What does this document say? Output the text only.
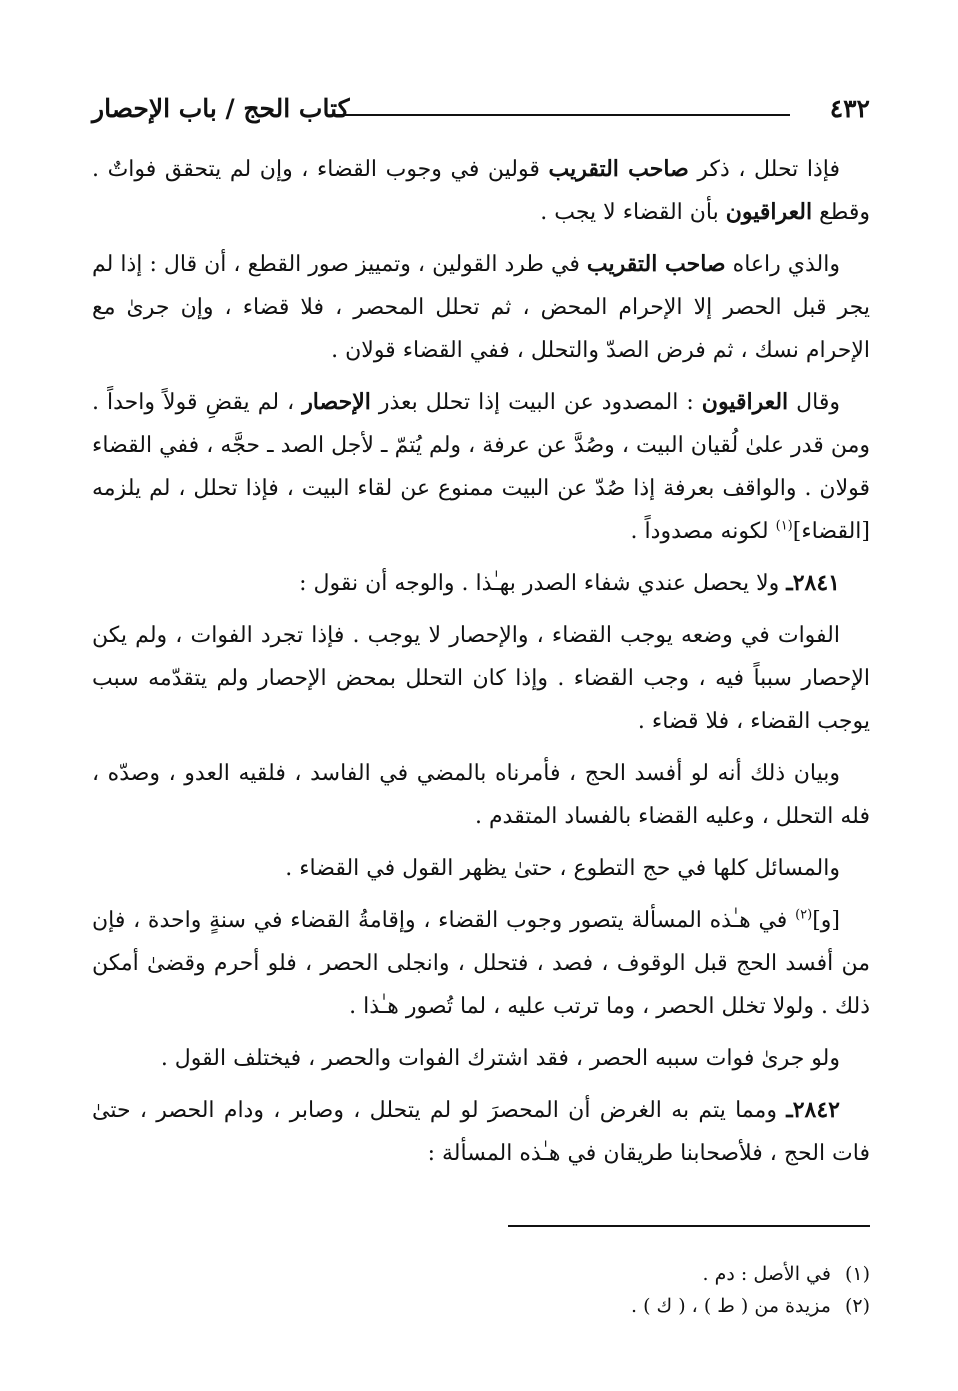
٤٣٢
كتاب الحج / باب الإحصار

فإذا تحلل ، ذكر صاحب التقريب قولين في وجوب القضاء ، وإن لم يتحقق فواتٌ . وقطع العراقيون بأن القضاء لا يجب .

والذي راعاه صاحب التقريب في طرد القولين ، وتمييز صور القطع ، أن قال : إذا لم يجر قبل الحصر إلا الإحرام المحض ، ثم تحلل المحصر ، فلا قضاء ، وإن جرىٰ مع الإحرام نسك ، ثم فرض الصدّ والتحلل ، ففي القضاء قولان .

وقال العراقيون : المصدود عن البيت إذا تحلل بعذر الإحصار ، لم يقضِ قولاً واحداً . ومن قدر علىٰ لُقيان البيت ، وصُدَّ عن عرفة ، ولم يُتمّ ـ لأجل الصد ـ حجَّه ، ففي القضاء قولان . والواقف بعرفة إذا صُدّ عن البيت ممنوع عن لقاء البيت ، فإذا تحلل ، لم يلزمه [القضاء]$^{(١)}$ لكونه مصدوداً .

٢٨٤١ـ ولا يحصل عندي شفاء الصدر بهـٰذا . والوجه أن نقول :

الفوات في وضعه يوجب القضاء ، والإحصار لا يوجب . فإذا تجرد الفوات ، ولم يكن الإحصار سبباً فيه ، وجب القضاء . وإذا كان التحلل بمحض الإحصار ولم يتقدّمه سبب يوجب القضاء ، فلا قضاء .

وبيان ذلك أنه لو أفسد الحج ، فأمرناه بالمضي في الفاسد ، فلقيه العدو ، وصدّه ، فله التحلل ، وعليه القضاء بالفساد المتقدم .

والمسائل كلها في حج التطوع ، حتىٰ يظهر القول في القضاء .

[و]$^{(٢)}$ في هـٰذه المسألة يتصور وجوب القضاء ، وإقامةُ القضاء في سنةٍ واحدة ، فإن من أفسد الحج قبل الوقوف ، فصد ، فتحلل ، وانجلى الحصر ، فلو أحرم وقضىٰ أمكن ذلك . ولولا تخلل الحصر ، وما ترتب عليه ، لما تُصور هـٰذا .

ولو جرىٰ فوات سببه الحصر ، فقد اشترك الفوات والحصر ، فيختلف القول .

٢٨٤٢ـ ومما يتم به الغرض أن المحصرَ لو لم يتحلل ، وصابر ، ودام الحصر ، حتىٰ فات الحج ، فلأصحابنا طريقان في هـٰذه المسألة :

(١)في الأصل : دم .
(٢)مزيدة من ( ط ) ، ( ك ) .
